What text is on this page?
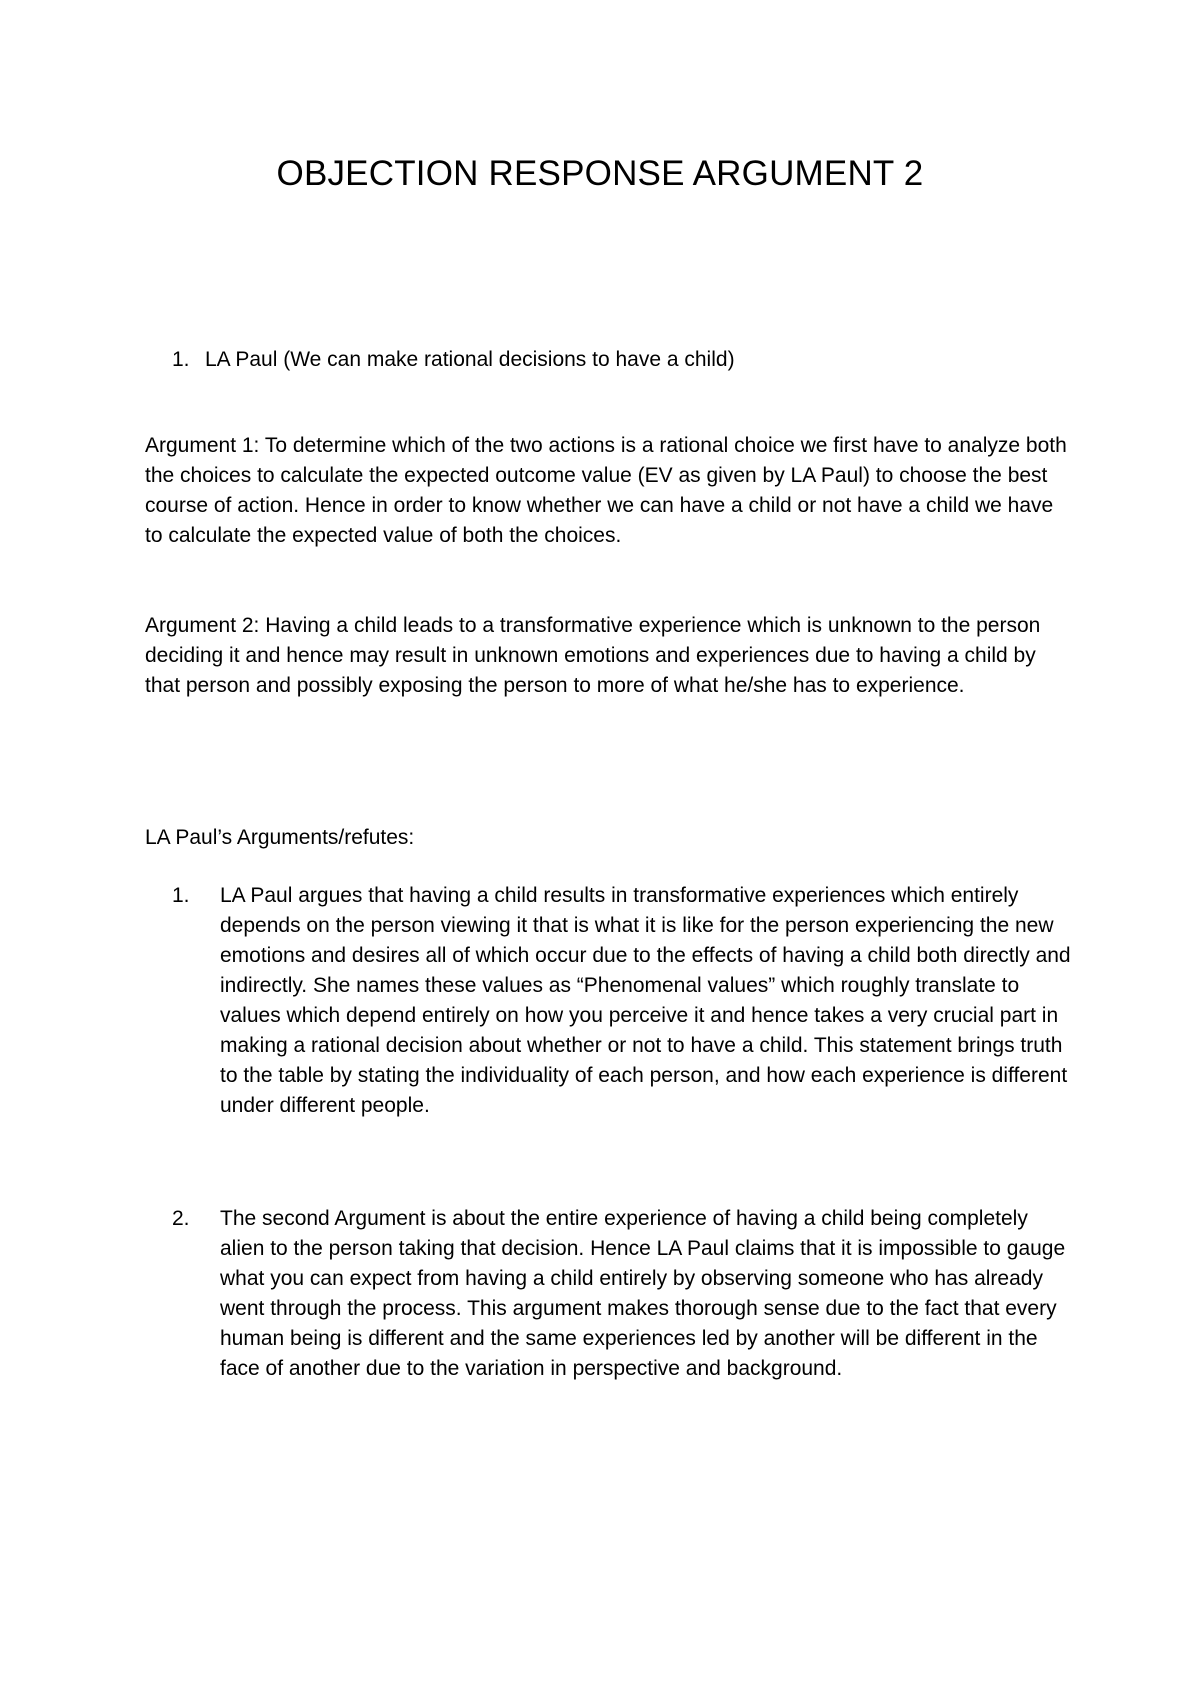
OBJECTION RESPONSE ARGUMENT 2
1. LA Paul (We can make rational decisions to have a child)

Argument 1: To determine which of the two actions is a rational choice we first have to analyze both the choices to calculate the expected outcome value (EV as given by LA Paul) to choose the best course of action. Hence in order to know whether we can have a child or not have a child we have to calculate the expected value of both the choices.

Argument 2: Having a child leads to a transformative experience which is unknown to the person deciding it and hence may result in unknown emotions and experiences due to having a child by that person and possibly exposing the person to more of what he/she has to experience.

LA Paul’s Arguments/refutes:

1. LA Paul argues that having a child results in transformative experiences which entirely depends on the person viewing it that is what it is like for the person experiencing the new emotions and desires all of which occur due to the effects of having a child both directly and indirectly. She names these values as “Phenomenal values” which roughly translate to values which depend entirely on how you perceive it and hence takes a very crucial part in making a rational decision about whether or not to have a child. This statement brings truth to the table by stating the individuality of each person, and how each experience is different under different people.

2. The second Argument is about the entire experience of having a child being completely alien to the person taking that decision. Hence LA Paul claims that it is impossible to gauge what you can expect from having a child entirely by observing someone who has already went through the process. This argument makes thorough sense due to the fact that every human being is different and the same experiences led by another will be different in the face of another due to the variation in perspective and background.
